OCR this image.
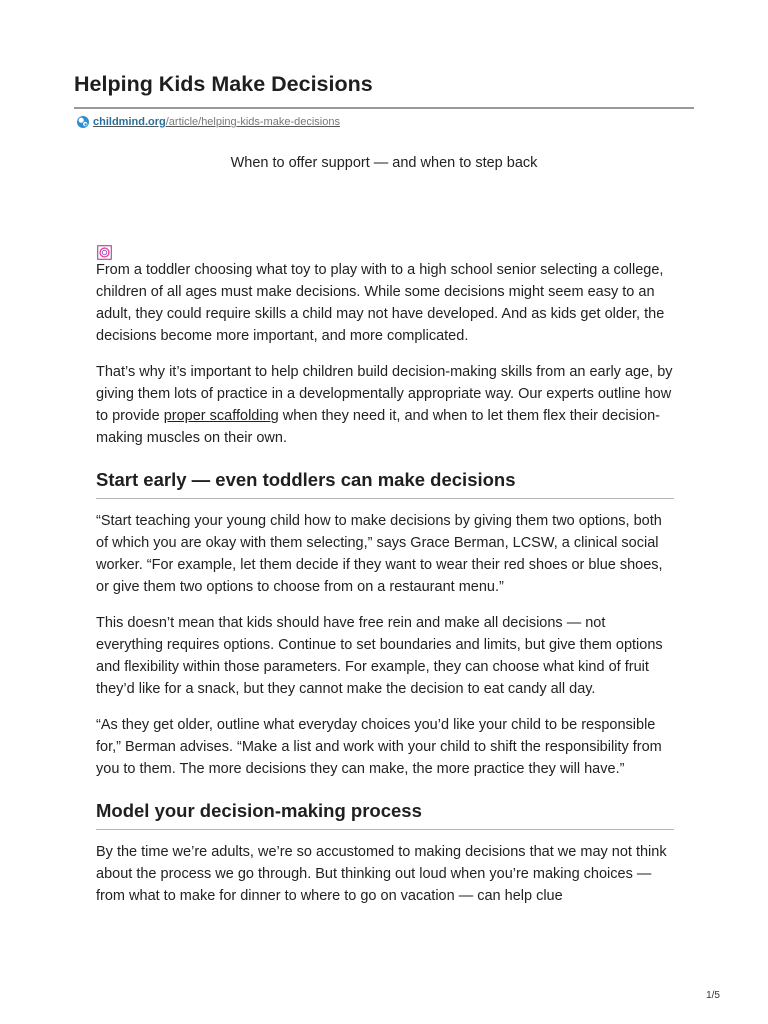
Helping Kids Make Decisions
childmind.org/article/helping-kids-make-decisions
When to offer support — and when to step back

From a toddler choosing what toy to play with to a high school senior selecting a college, children of all ages must make decisions. While some decisions might seem easy to an adult, they could require skills a child may not have developed. And as kids get older, the decisions become more important, and more complicated.

That’s why it’s important to help children build decision-making skills from an early age, by giving them lots of practice in a developmentally appropriate way. Our experts outline how to provide proper scaffolding when they need it, and when to let them flex their decision-making muscles on their own.

Start early — even toddlers can make decisions

“Start teaching your young child how to make decisions by giving them two options, both of which you are okay with them selecting,” says Grace Berman, LCSW, a clinical social worker. “For example, let them decide if they want to wear their red shoes or blue shoes, or give them two options to choose from on a restaurant menu.”

This doesn’t mean that kids should have free rein and make all decisions — not everything requires options. Continue to set boundaries and limits, but give them options and flexibility within those parameters. For example, they can choose what kind of fruit they’d like for a snack, but they cannot make the decision to eat candy all day.

“As they get older, outline what everyday choices you’d like your child to be responsible for,” Berman advises. “Make a list and work with your child to shift the responsibility from you to them. The more decisions they can make, the more practice they will have.”

Model your decision-making process

By the time we’re adults, we’re so accustomed to making decisions that we may not think about the process we go through. But thinking out loud when you’re making choices — from what to make for dinner to where to go on vacation — can help clue

1/5
